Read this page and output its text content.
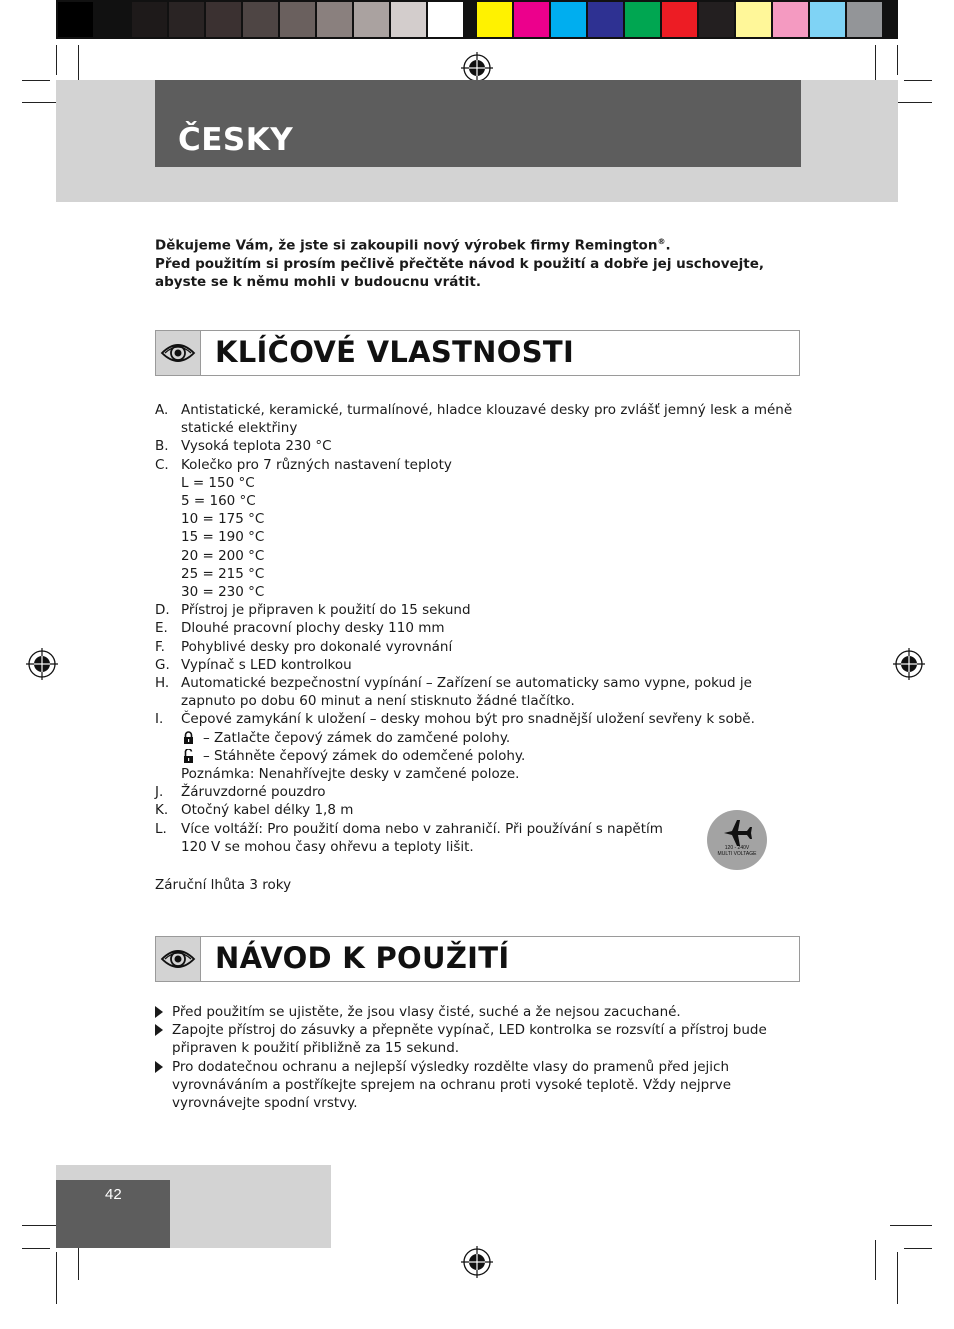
ČESKY
Děkujeme Vám, že jste si zakoupili nový výrobek firmy Remington®.
Před použitím si prosím pečlivě přečtěte návod k použití a dobře jej uschovejte,
abyste se k němu mohli v budoucnu vrátit.
KLÍČOVÉ VLASTNOSTI
A. Antistatické, keramické, turmalínové, hladce klouzavé desky pro zvlášť jemný lesk a méně
statické elektřiny
B. Vysoká teplota 230 °C
C. Kolečko pro 7 různých nastavení teploty
L = 150 °C
5 = 160 °C
10 = 175 °C
15 = 190 °C
20 = 200 °C
25 = 215 °C
30 = 230 °C
D. Přístroj je připraven k použití do 15 sekund
E. Dlouhé pracovní plochy desky 110 mm
F. Pohyblivé desky pro dokonalé vyrovnání
G. Vypínač s LED kontrolkou
H. Automatické bezpečnostní vypínání – Zařízení se automaticky samo vypne, pokud je
zapnuto po dobu 60 minut a není stisknuto žádné tlačítko.
I. Čepové zamykání k uložení – desky mohou být pro snadnější uložení sevřeny k sobě.
– Zatlačte čepový zámek do zamčené polohy.
– Stáhněte čepový zámek do odemčené polohy.
Poznámka: Nenahřívejte desky v zamčené poloze.
J. Žáruvzdorné pouzdro
K. Otočný kabel délky 1,8 m
L. Více voltáží: Pro použití doma nebo v zahraničí. Při používání s napětím
120 V se mohou časy ohřevu a teploty lišit.	120 - 240V
MULTI VOLTAGE
Záruční lhůta 3 roky
NÁVOD K POUŽITÍ
Před použitím se ujistěte, že jsou vlasy čisté, suché a že nejsou zacuchané.
Zapojte přístroj do zásuvky a přepněte vypínač, LED kontrolka se rozsvítí a přístroj bude
připraven k použití přibližně za 15 sekund.
Pro dodatečnou ochranu a nejlepší výsledky rozdělte vlasy do pramenů před jejich
vyrovnáváním a postříkejte sprejem na ochranu proti vysoké teplotě. Vždy nejprve
vyrovnávejte spodní vrstvy.
42
